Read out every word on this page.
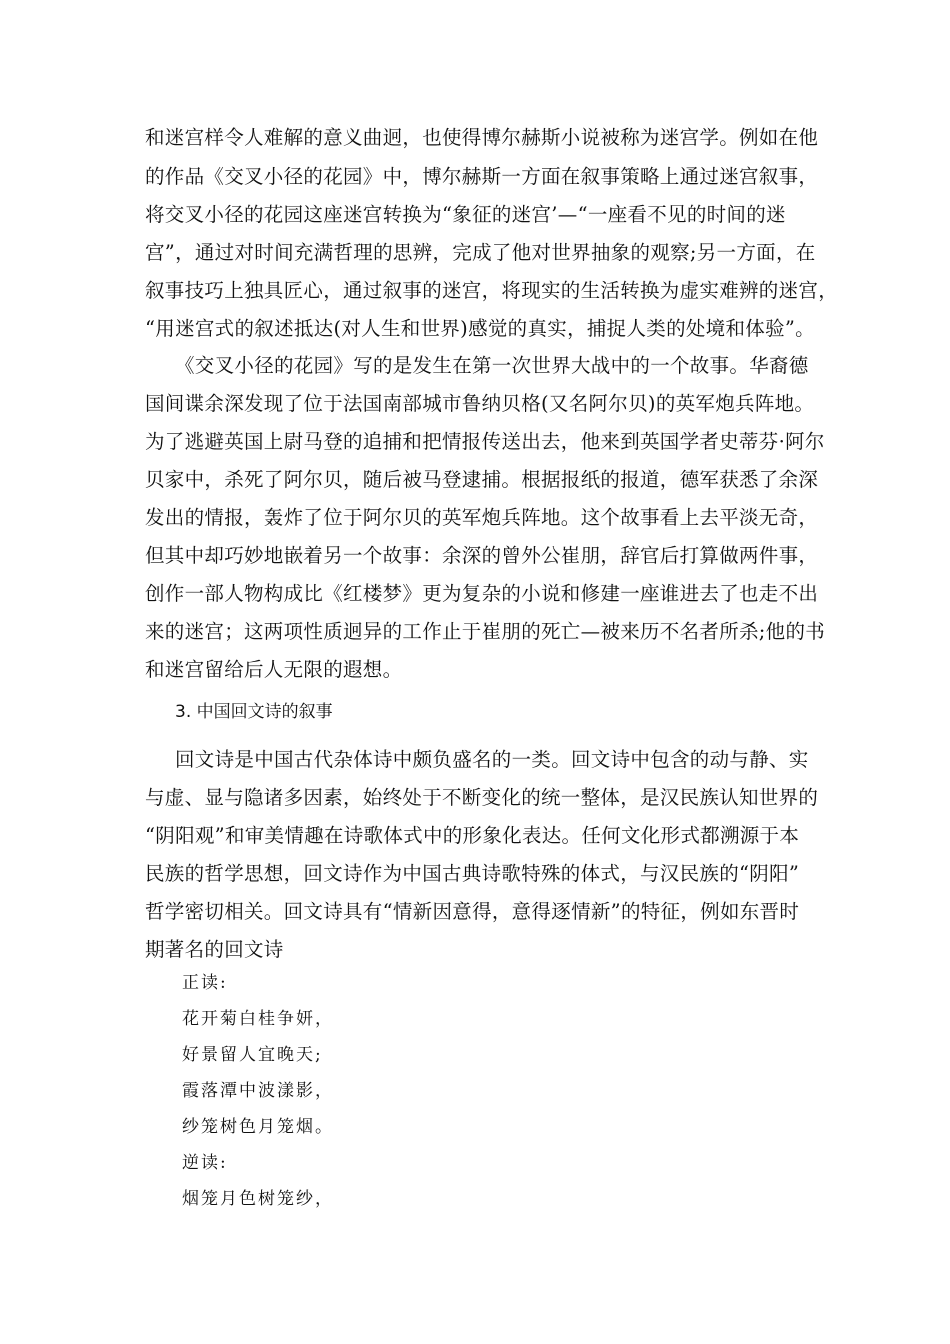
和迷宫样令人难解的意义曲迥，也使得博尔赫斯小说被称为迷宫学。例如在他
的作品《交叉小径的花园》中，博尔赫斯一方面在叙事策略上通过迷宫叙事，
将交叉小径的花园这座迷宫转换为“象征的迷宫’—“一座看不见的时间的迷
宫”，通过对时间充满哲理的思辨，完成了他对世界抽象的观察;另一方面，在
叙事技巧上独具匠心，通过叙事的迷宫，将现实的生活转换为虚实难辨的迷宫，
“用迷宫式的叙述抵达(对人生和世界)感觉的真实，捕捉人类的处境和体验”。
《交叉小径的花园》写的是发生在第一次世界大战中的一个故事。华裔德
国间谍余深发现了位于法国南部城市鲁纳贝格(又名阿尔贝)的英军炮兵阵地。
为了逃避英国上尉马登的追捕和把情报传送出去，他来到英国学者史蒂芬·阿尔
贝家中，杀死了阿尔贝，随后被马登逮捕。根据报纸的报道，德军获悉了余深
发出的情报，轰炸了位于阿尔贝的英军炮兵阵地。这个故事看上去平淡无奇，
但其中却巧妙地嵌着另一个故事：余深的曾外公崔朋，辞官后打算做两件事，
创作一部人物构成比《红楼梦》更为复杂的小说和修建一座谁进去了也走不出
来的迷宫；这两项性质迥异的工作止于崔朋的死亡—被来历不名者所杀;他的书
和迷宫留给后人无限的遐想。
3. 中国回文诗的叙事
回文诗是中国古代杂体诗中颇负盛名的一类。回文诗中包含的动与静、实
与虚、显与隐诸多因素，始终处于不断变化的统一整体，是汉民族认知世界的
“阴阳观”和审美情趣在诗歌体式中的形象化表达。任何文化形式都溯源于本
民族的哲学思想，回文诗作为中国古典诗歌特殊的体式，与汉民族的“阴阳”
哲学密切相关。回文诗具有“情新因意得，意得逐情新”的特征，例如东晋时
期著名的回文诗
正读:
花开菊白桂争妍，
好景留人宜晚天;
霞落潭中波漾影，
纱笼树色月笼烟。
逆读:
烟笼月色树笼纱，
